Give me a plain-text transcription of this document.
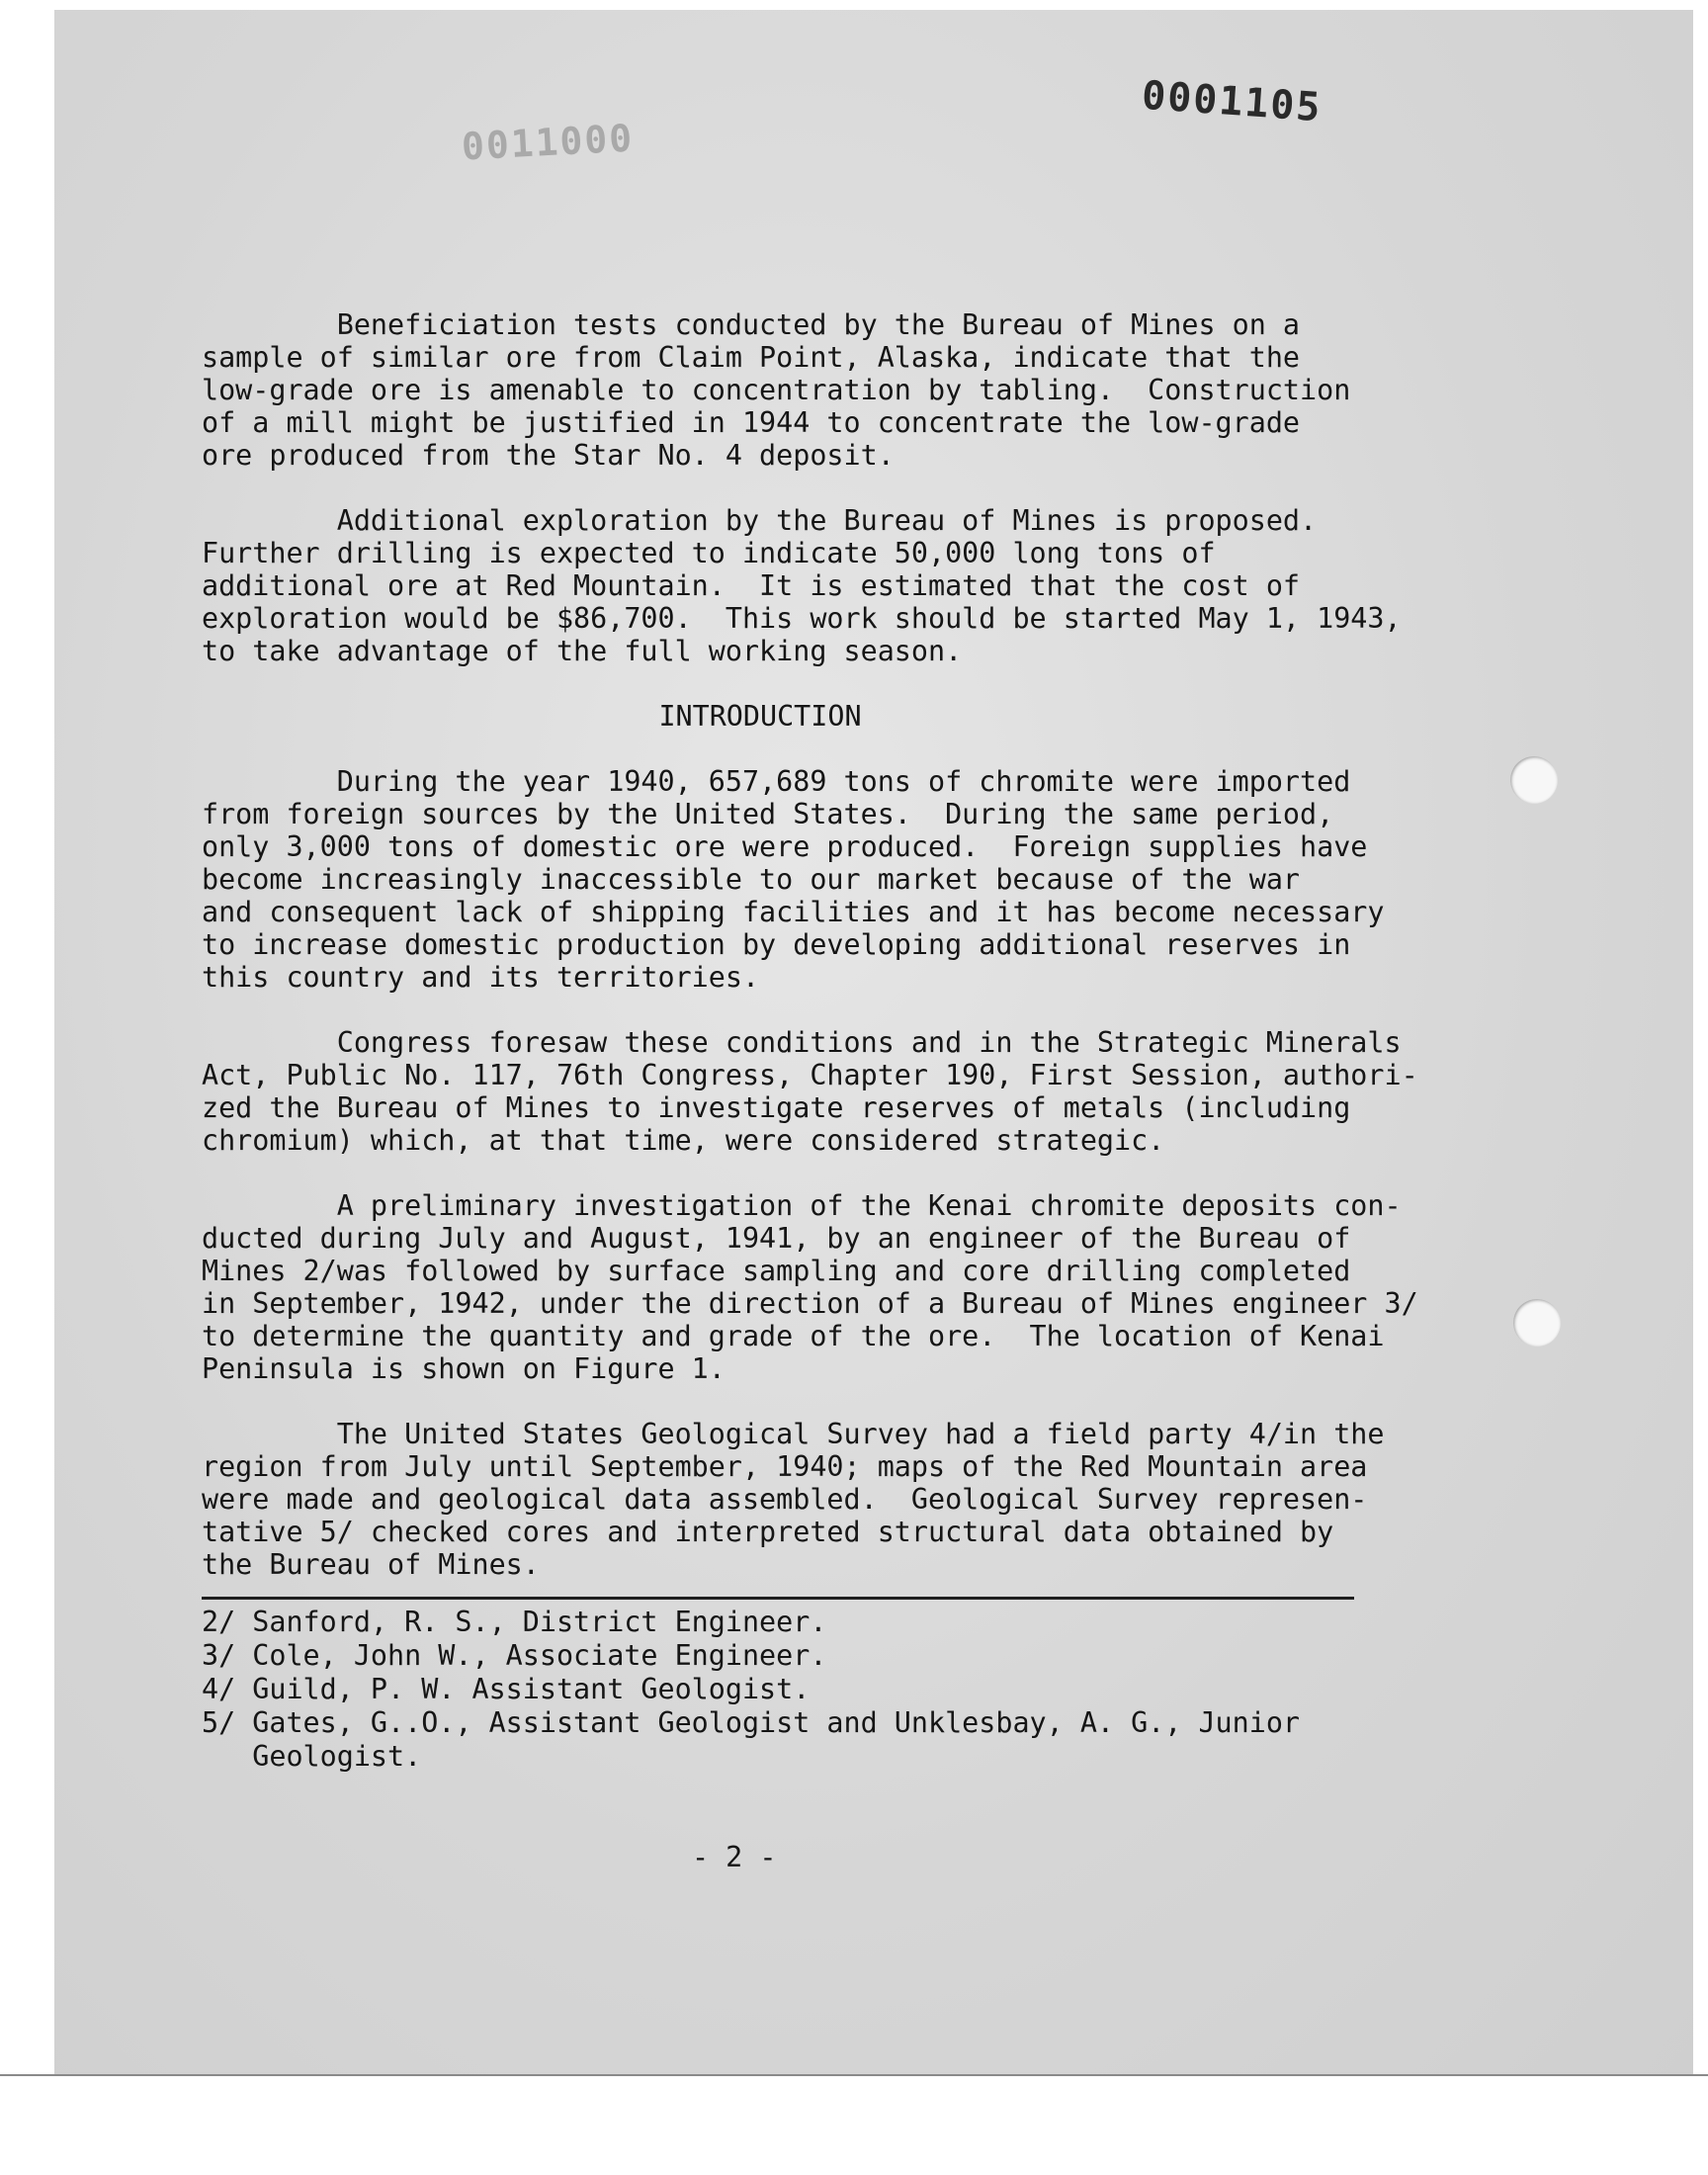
0011000
0001105

Beneficiation tests conducted by the Bureau of Mines on a

sample of similar ore from Claim Point, Alaska, indicate that the

low-grade ore is amenable to concentration by tabling.  Construction

of a mill might be justified in 1944 to concentrate the low-grade

ore produced from the Star No. 4 deposit.

Additional exploration by the Bureau of Mines is proposed.

Further drilling is expected to indicate 50,000 long tons of

additional ore at Red Mountain.  It is estimated that the cost of

exploration would be $86,700.  This work should be started May 1, 1943,

to take advantage of the full working season.

INTRODUCTION

During the year 1940, 657,689 tons of chromite were imported

from foreign sources by the United States.  During the same period,

only 3,000 tons of domestic ore were produced.  Foreign supplies have

become increasingly inaccessible to our market because of the war

and consequent lack of shipping facilities and it has become necessary

to increase domestic production by developing additional reserves in

this country and its territories.

Congress foresaw these conditions and in the Strategic Minerals

Act, Public No. 117, 76th Congress, Chapter 190, First Session, authori-

zed the Bureau of Mines to investigate reserves of metals (including

chromium) which, at that time, were considered strategic.

A preliminary investigation of the Kenai chromite deposits con-

ducted during July and August, 1941, by an engineer of the Bureau of

Mines 2/was followed by surface sampling and core drilling completed

in September, 1942, under the direction of a Bureau of Mines engineer 3/

to determine the quantity and grade of the ore.  The location of Kenai

Peninsula is shown on Figure 1.

The United States Geological Survey had a field party 4/in the

region from July until September, 1940; maps of the Red Mountain area

were made and geological data assembled.  Geological Survey represen-

tative 5/ checked cores and interpreted structural data obtained by

the Bureau of Mines.

2/ Sanford, R. S., District Engineer.

3/ Cole, John W., Associate Engineer.

4/ Guild, P. W. Assistant Geologist.

5/ Gates, G..O., Assistant Geologist and Unklesbay, A. G., Junior

Geologist.

- 2 -
